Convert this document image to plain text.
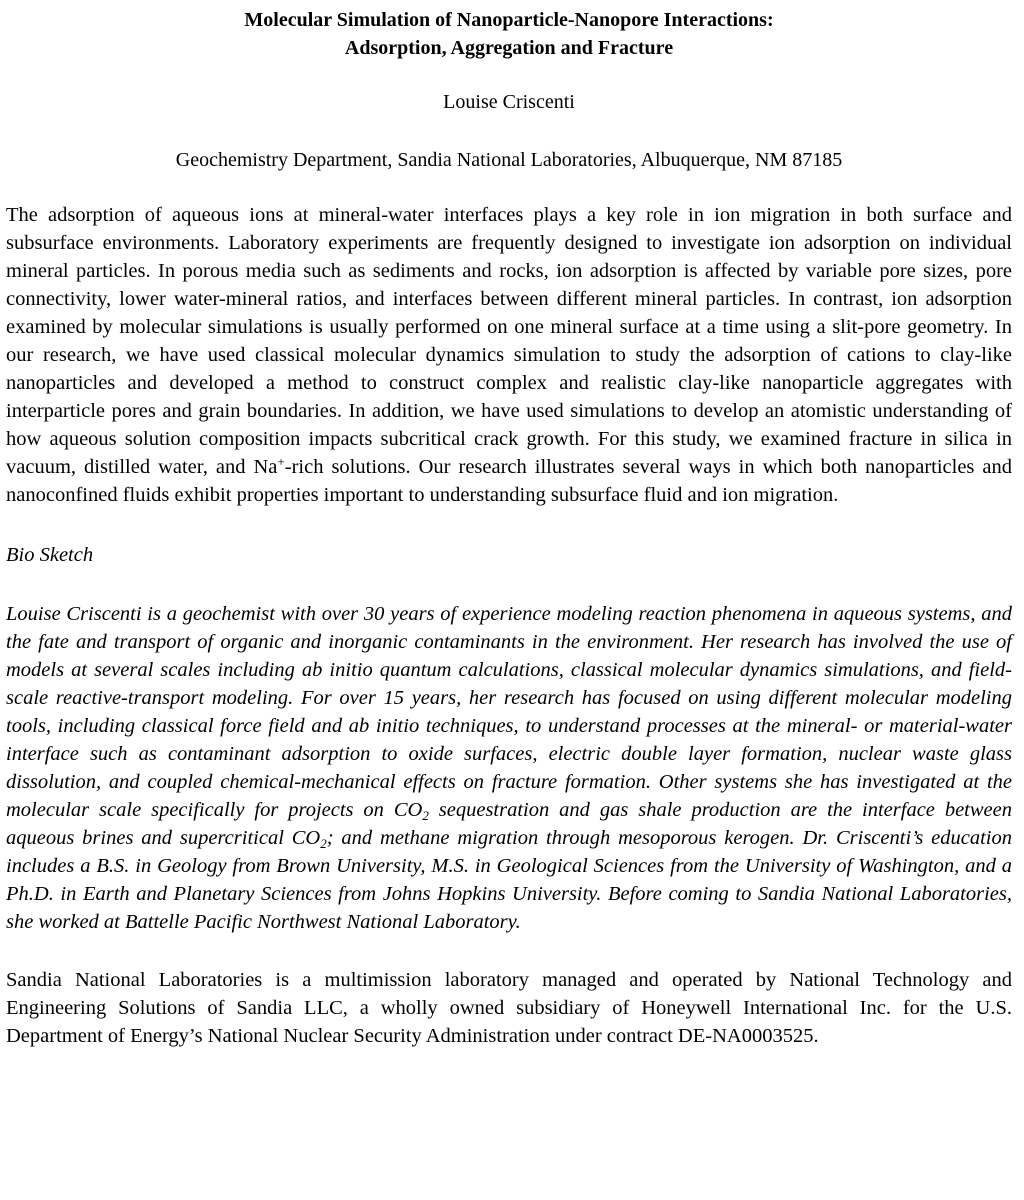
Molecular Simulation of Nanoparticle-Nanopore Interactions:
Adsorption, Aggregation and Fracture

Louise Criscenti

Geochemistry Department, Sandia National Laboratories, Albuquerque, NM 87185

The adsorption of aqueous ions at mineral-water interfaces plays a key role in ion migration in both surface and subsurface environments. Laboratory experiments are frequently designed to investigate ion adsorption on individual mineral particles. In porous media such as sediments and rocks, ion adsorption is affected by variable pore sizes, pore connectivity, lower water-mineral ratios, and interfaces between different mineral particles. In contrast, ion adsorption examined by molecular simulations is usually performed on one mineral surface at a time using a slit-pore geometry. In our research, we have used classical molecular dynamics simulation to study the adsorption of cations to clay-like nanoparticles and developed a method to construct complex and realistic clay-like nanoparticle aggregates with interparticle pores and grain boundaries. In addition, we have used simulations to develop an atomistic understanding of how aqueous solution composition impacts subcritical crack growth. For this study, we examined fracture in silica in vacuum, distilled water, and Na+-rich solutions. Our research illustrates several ways in which both nanoparticles and nanoconfined fluids exhibit properties important to understanding subsurface fluid and ion migration.

Bio Sketch

Louise Criscenti is a geochemist with over 30 years of experience modeling reaction phenomena in aqueous systems, and the fate and transport of organic and inorganic contaminants in the environment. Her research has involved the use of models at several scales including ab initio quantum calculations, classical molecular dynamics simulations, and field-scale reactive-transport modeling. For over 15 years, her research has focused on using different molecular modeling tools, including classical force field and ab initio techniques, to understand processes at the mineral- or material-water interface such as contaminant adsorption to oxide surfaces, electric double layer formation, nuclear waste glass dissolution, and coupled chemical-mechanical effects on fracture formation. Other systems she has investigated at the molecular scale specifically for projects on $CO_2$ sequestration and gas shale production are the interface between aqueous brines and supercritical $CO_2$; and methane migration through mesoporous kerogen. Dr. Criscenti’s education includes a B.S. in Geology from Brown University, M.S. in Geological Sciences from the University of Washington, and a Ph.D. in Earth and Planetary Sciences from Johns Hopkins University. Before coming to Sandia National Laboratories, she worked at Battelle Pacific Northwest National Laboratory.

Sandia National Laboratories is a multimission laboratory managed and operated by National Technology and Engineering Solutions of Sandia LLC, a wholly owned subsidiary of Honeywell International Inc. for the U.S. Department of Energy’s National Nuclear Security Administration under contract DE-NA0003525.
